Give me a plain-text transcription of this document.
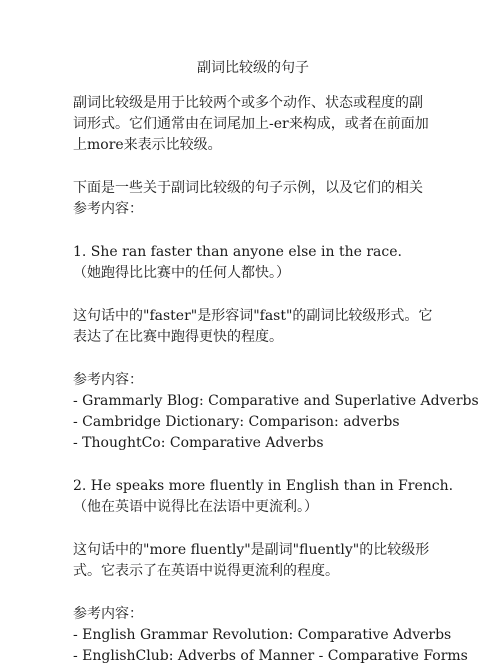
副词比较级的句子

副词比较级是用于比较两个或多个动作、状态或程度的副词形式。它们通常由在词尾加上-er来构成，或者在前面加上more来表示比较级。

下面是一些关于副词比较级的句子示例，以及它们的相关参考内容：

1. She ran faster than anyone else in the race.
（她跑得比比赛中的任何人都快。）

这句话中的"faster"是形容词"fast"的副词比较级形式。它表达了在比赛中跑得更快的程度。

参考内容：
- Grammarly Blog: Comparative and Superlative Adverbs
- Cambridge Dictionary: Comparison: adverbs
- ThoughtCo: Comparative Adverbs
2. He speaks more fluently in English than in French.
（他在英语中说得比在法语中更流利。）

这句话中的"more fluently"是副词"fluently"的比较级形式。它表示了在英语中说得更流利的程度。

参考内容：
- English Grammar Revolution: Comparative Adverbs
- EnglishClub: Adverbs of Manner - Comparative Forms
